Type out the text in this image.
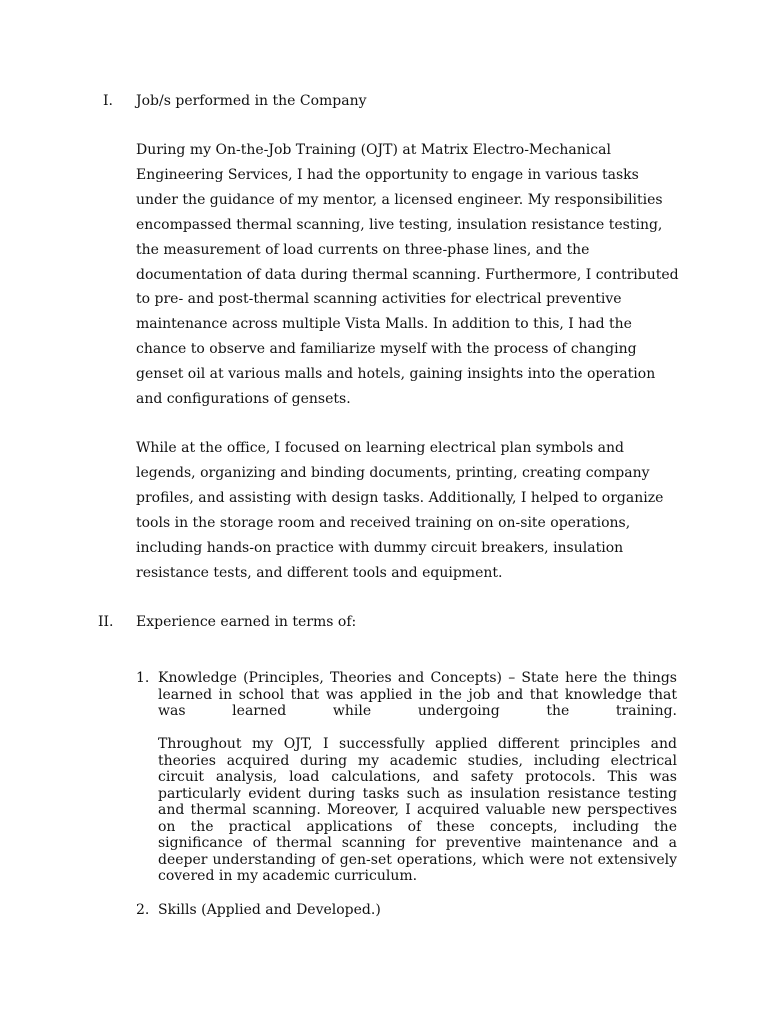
I. Job/s performed in the Company
During my On-the-Job Training (OJT) at Matrix Electro-Mechanical Engineering Services, I had the opportunity to engage in various tasks under the guidance of my mentor, a licensed engineer. My responsibilities encompassed thermal scanning, live testing, insulation resistance testing, the measurement of load currents on three-phase lines, and the documentation of data during thermal scanning. Furthermore, I contributed to pre- and post-thermal scanning activities for electrical preventive maintenance across multiple Vista Malls. In addition to this, I had the chance to observe and familiarize myself with the process of changing genset oil at various malls and hotels, gaining insights into the operation and configurations of gensets.
While at the office, I focused on learning electrical plan symbols and legends, organizing and binding documents, printing, creating company profiles, and assisting with design tasks. Additionally, I helped to organize tools in the storage room and received training on on-site operations, including hands-on practice with dummy circuit breakers, insulation resistance tests, and different tools and equipment.
II. Experience earned in terms of:
1. Knowledge (Principles, Theories and Concepts) – State here the things learned in school that was applied in the job and that knowledge that was learned while undergoing the training.
Throughout my OJT, I successfully applied different principles and theories acquired during my academic studies, including electrical circuit analysis, load calculations, and safety protocols. This was particularly evident during tasks such as insulation resistance testing and thermal scanning. Moreover, I acquired valuable new perspectives on the practical applications of these concepts, including the significance of thermal scanning for preventive maintenance and a deeper understanding of gen-set operations, which were not extensively covered in my academic curriculum.
2. Skills (Applied and Developed.)
